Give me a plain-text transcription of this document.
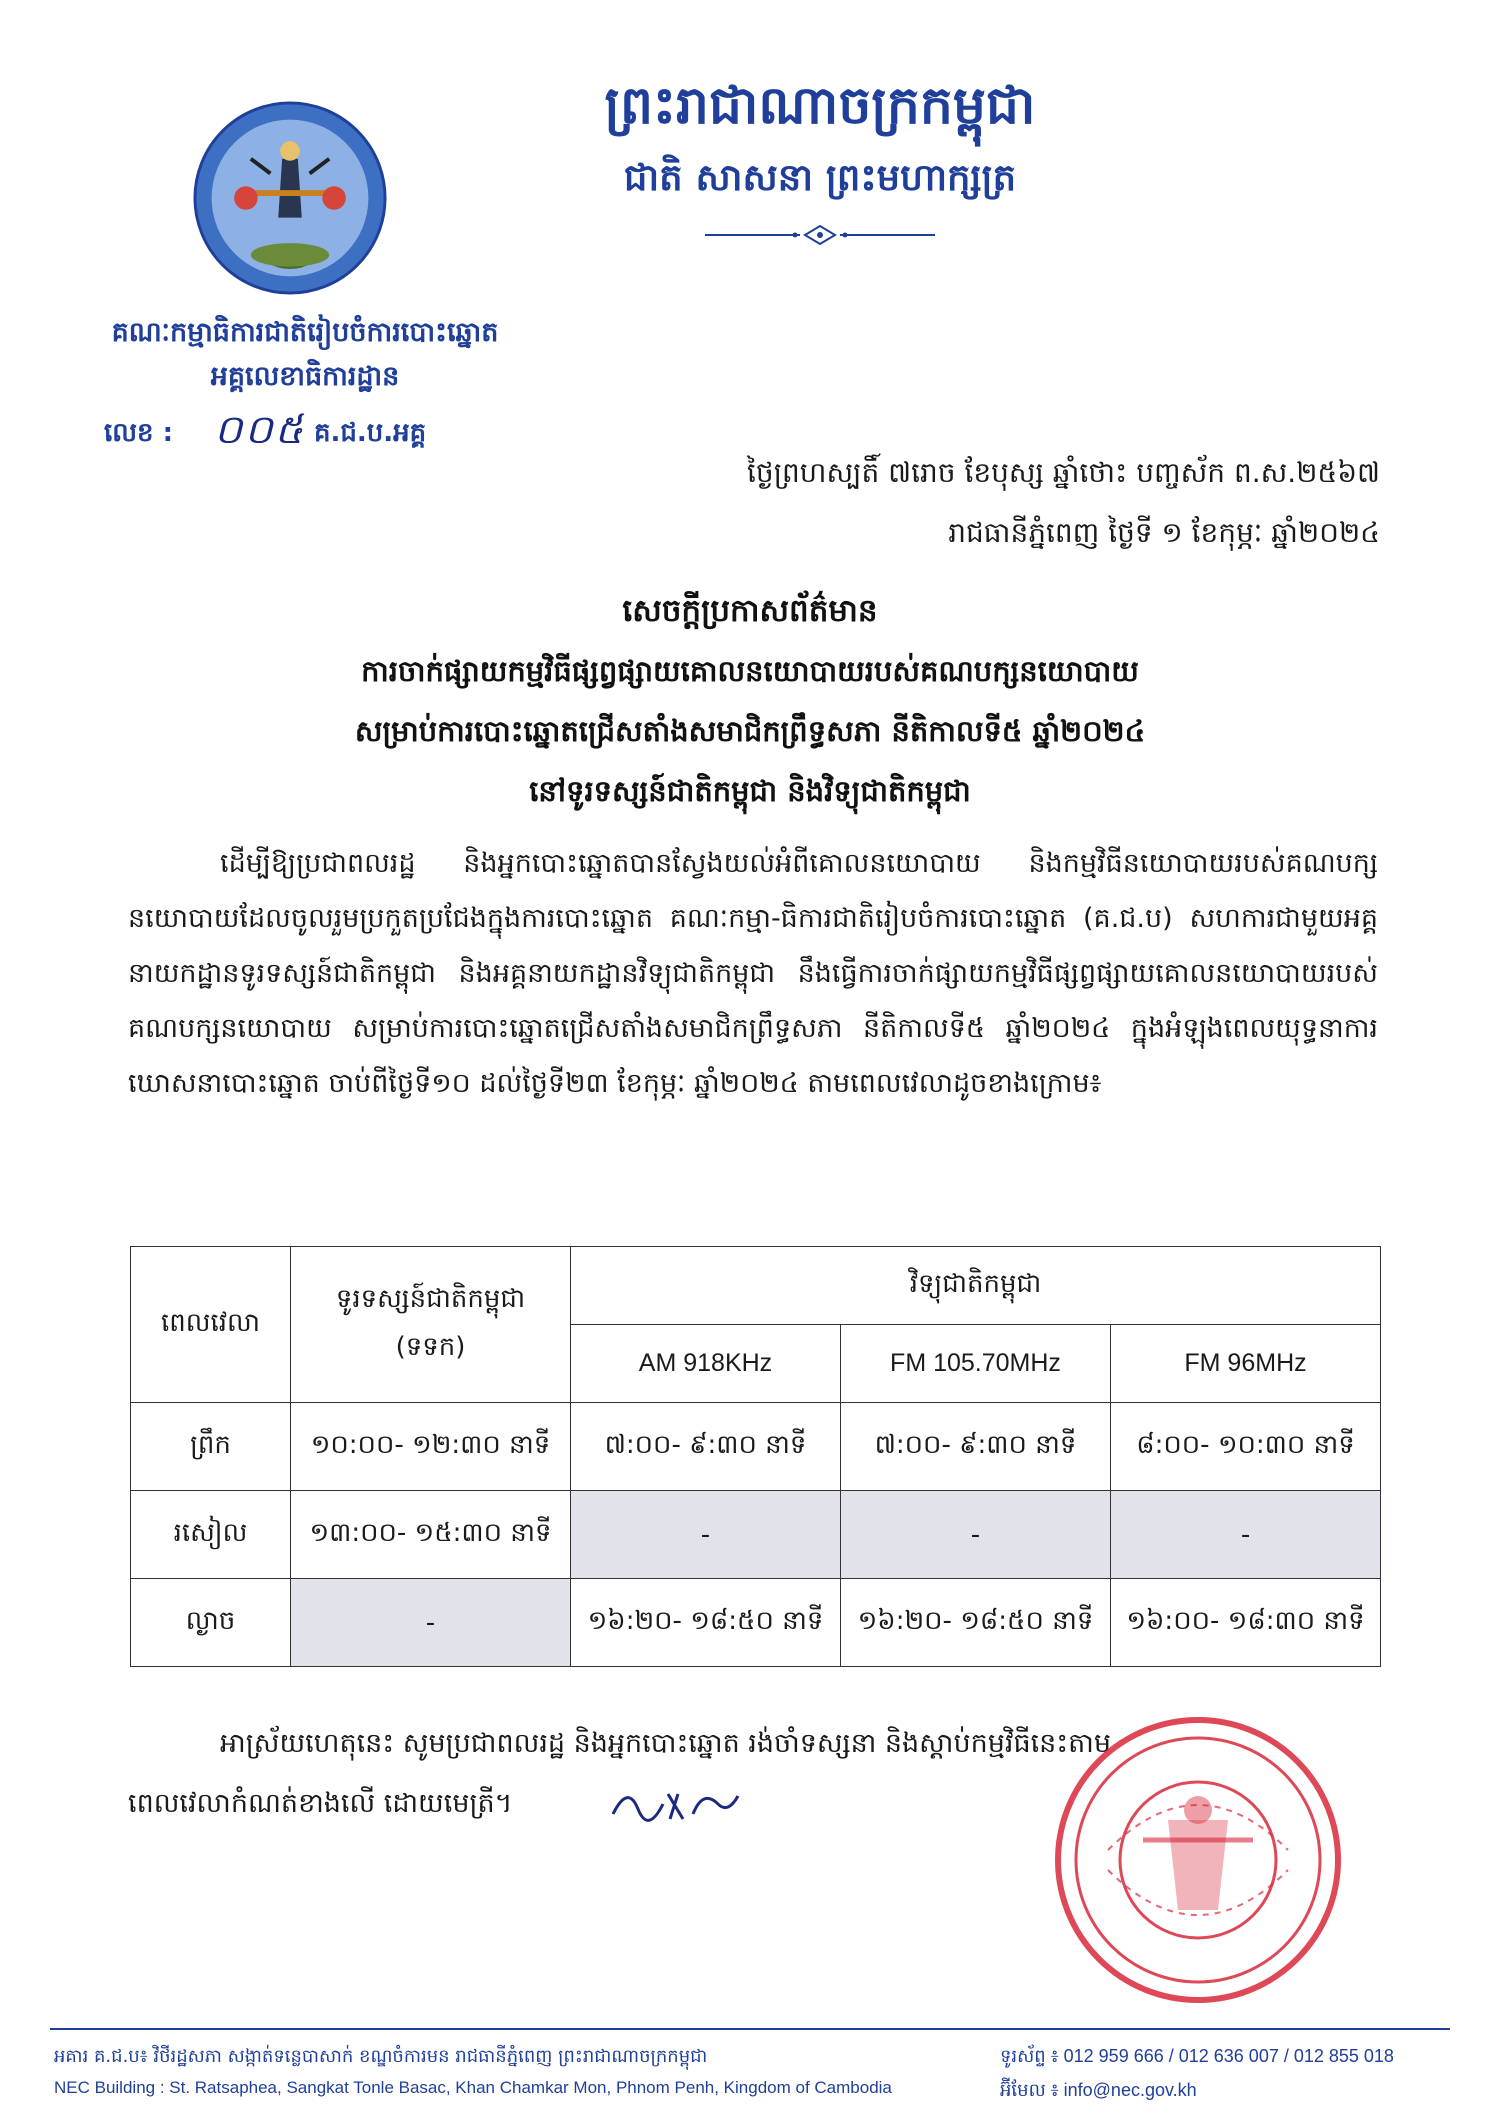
គណៈកម្មាធិការជាតិរៀបចំការបោះឆ្នោត
អគ្គលេខាធិការដ្ឋាន
លេខ : ០០៥ គ.ជ.ប.អគ្គ
ព្រះរាជាណាចក្រកម្ពុជា
ជាតិ សាសនា ព្រះមហាក្សត្រ
ថ្ងៃព្រហស្បតិ៍ ៧រោច ខែបុស្ស ឆ្នាំថោះ បញ្ចស័ក ព.ស.២៥៦៧
រាជធានីភ្នំពេញ ថ្ងៃទី ១ ខែកុម្ភៈ ឆ្នាំ២០២៤
សេចក្តីប្រកាសព័ត៌មាន
ការចាក់ផ្សាយកម្មវិធីផ្សព្វផ្សាយគោលនយោបាយរបស់គណបក្សនយោបាយ
សម្រាប់ការបោះឆ្នោតជ្រើសតាំងសមាជិកព្រឹទ្ធសភា នីតិកាលទី៥ ឆ្នាំ២០២៤
នៅទូរទស្សន៍ជាតិកម្ពុជា និងវិទ្យុជាតិកម្ពុជា
ដើម្បីឱ្យប្រជាពលរដ្ឋ និងអ្នកបោះឆ្នោតបានស្វែងយល់អំពីគោលនយោបាយ និងកម្មវិធីនយោបាយរបស់គណបក្សនយោបាយដែលចូលរួមប្រកួតប្រជែងក្នុងការបោះឆ្នោត គណៈកម្មា-ធិការជាតិរៀបចំការបោះឆ្នោត (គ.ជ.ប) សហការជាមួយអគ្គនាយកដ្ឋានទូរទស្សន៍ជាតិកម្ពុជា និងអគ្គនាយកដ្ឋានវិទ្យុជាតិកម្ពុជា នឹងធ្វើការចាក់ផ្សាយកម្មវិធីផ្សព្វផ្សាយគោលនយោបាយរបស់គណបក្សនយោបាយ សម្រាប់ការបោះឆ្នោតជ្រើសតាំងសមាជិកព្រឹទ្ធសភា នីតិកាលទី៥ ឆ្នាំ២០២៤ ក្នុងអំឡុងពេលយុទ្ធនាការឃោសនាបោះឆ្នោត ចាប់ពីថ្ងៃទី១០ ដល់ថ្ងៃទី២៣ ខែកុម្ភៈ ឆ្នាំ២០២៤ តាមពេលវេលាដូចខាងក្រោម៖
ពេលវេលា	ទូរទស្សន៍ជាតិកម្ពុជា
(ទទក)	វិទ្យុជាតិកម្ពុជា		
		AM 918KHz	FM 105.70MHz	FM 96MHz
ព្រឹក	១០:០០- ១២:៣០ នាទី	៧:០០- ៩:៣០ នាទី	៧:០០- ៩:៣០ នាទី	៨:០០- ១០:៣០ នាទី
រសៀល	១៣:០០- ១៥:៣០ នាទី	-	-	-
ល្ងាច	-	១៦:២០- ១៨:៥០ នាទី	១៦:២០- ១៨:៥០ នាទី	១៦:០០- ១៨:៣០ នាទី
អាស្រ័យហេតុនេះ សូមប្រជាពលរដ្ឋ និងអ្នកបោះឆ្នោត រង់ចាំទស្សនា និងស្តាប់កម្មវិធីនេះតាម
ពេលវេលាកំណត់ខាងលើ ដោយមេត្រី។
អគារ គ.ជ.ប៖ វិថីរដ្ឋសភា សង្កាត់ទន្លេបាសាក់ ខណ្ឌចំការមន រាជធានីភ្នំពេញ ព្រះរាជាណាចក្រកម្ពុជា
NEC Building : St. Ratsaphea, Sangkat Tonle Basac, Khan Chamkar Mon, Phnom Penh, Kingdom of Cambodia
ទូរស័ព្ទ ៖ 012 959 666 / 012 636 007 / 012 855 018
អ៊ីមែល ៖ info@nec.gov.kh
